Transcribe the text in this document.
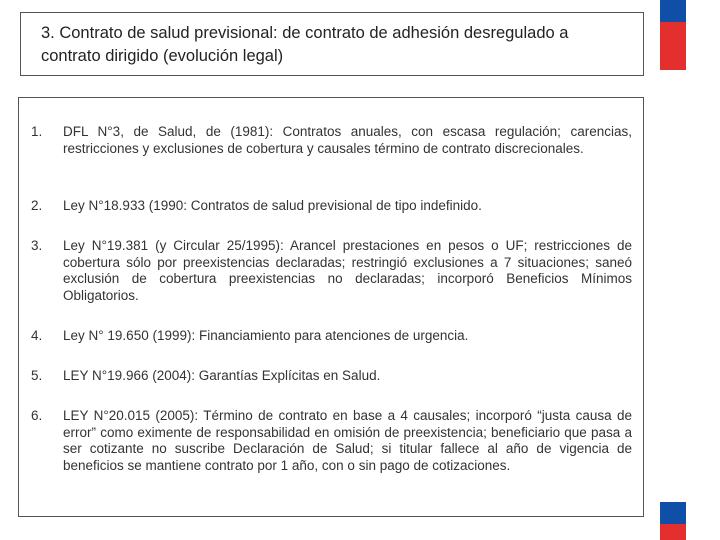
3. Contrato de salud previsional: de contrato de adhesión desregulado a contrato dirigido (evolución legal)
1.	DFL N°3, de Salud, de (1981): Contratos anuales, con escasa regulación; carencias, restricciones y exclusiones de cobertura y causales término de contrato discrecionales.
2.	Ley N°18.933 (1990: Contratos de salud previsional de tipo indefinido.
3.	Ley N°19.381 (y Circular 25/1995): Arancel prestaciones en pesos o UF; restricciones de cobertura sólo por preexistencias declaradas; restringió exclusiones a 7 situaciones; saneó exclusión de cobertura preexistencias no declaradas; incorporó Beneficios Mínimos Obligatorios.
4.	Ley N° 19.650 (1999): Financiamiento para atenciones de urgencia.
5.	LEY N°19.966 (2004): Garantías Explícitas en Salud.
6.	LEY N°20.015 (2005): Término de contrato en base a 4 causales; incorporó “justa causa de error” como eximente de responsabilidad en omisión de preexistencia; beneficiario que pasa a ser cotizante no suscribe Declaración de Salud; si titular fallece al año de vigencia de beneficios se mantiene contrato por 1 año, con o sin pago de cotizaciones.
